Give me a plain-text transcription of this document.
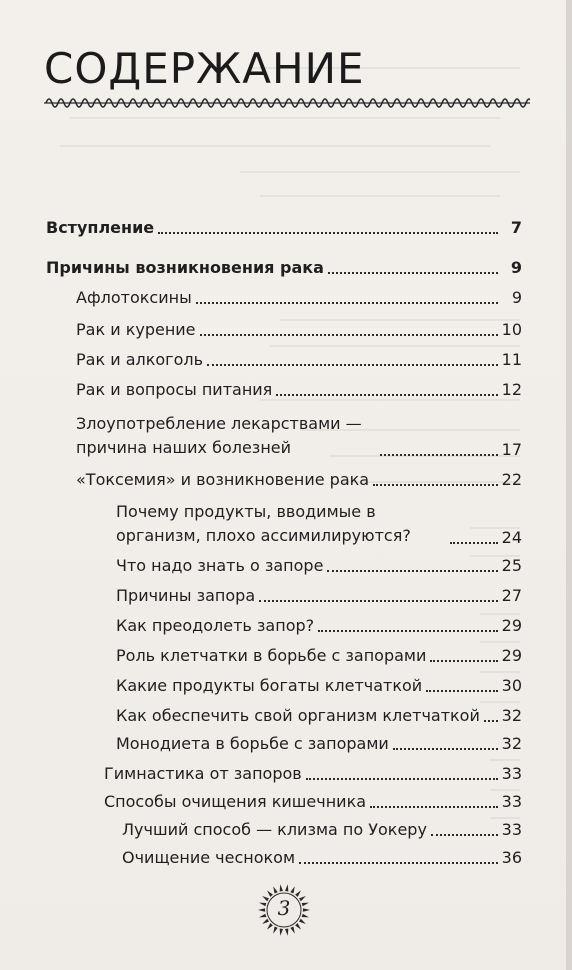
СОДЕРЖАНИЕ
Вступление	7
Причины возникновения рака	9
Афлотоксины	9
Рак и курение	10
Рак и алкоголь	11
Рак и вопросы питания	12
Злоупотребление лекарствами — причина наших болезней	17
«Токсемия» и возникновение рака	22
Почему продукты, вводимые в организм, плохо ассимилируются?	24
Что надо знать о запоре	25
Причины запора	27
Как преодолеть запор?	29
Роль клетчатки в борьбе с запорами	29
Какие продукты богаты клетчаткой	30
Как обеспечить свой организм клетчаткой 32
Монодиета в борьбе с запорами	32
Гимнастика от запоров	33
Способы очищения кишечника	33
Лучший способ — клизма по Уокеру	33
Очищение чесноком	36
3
